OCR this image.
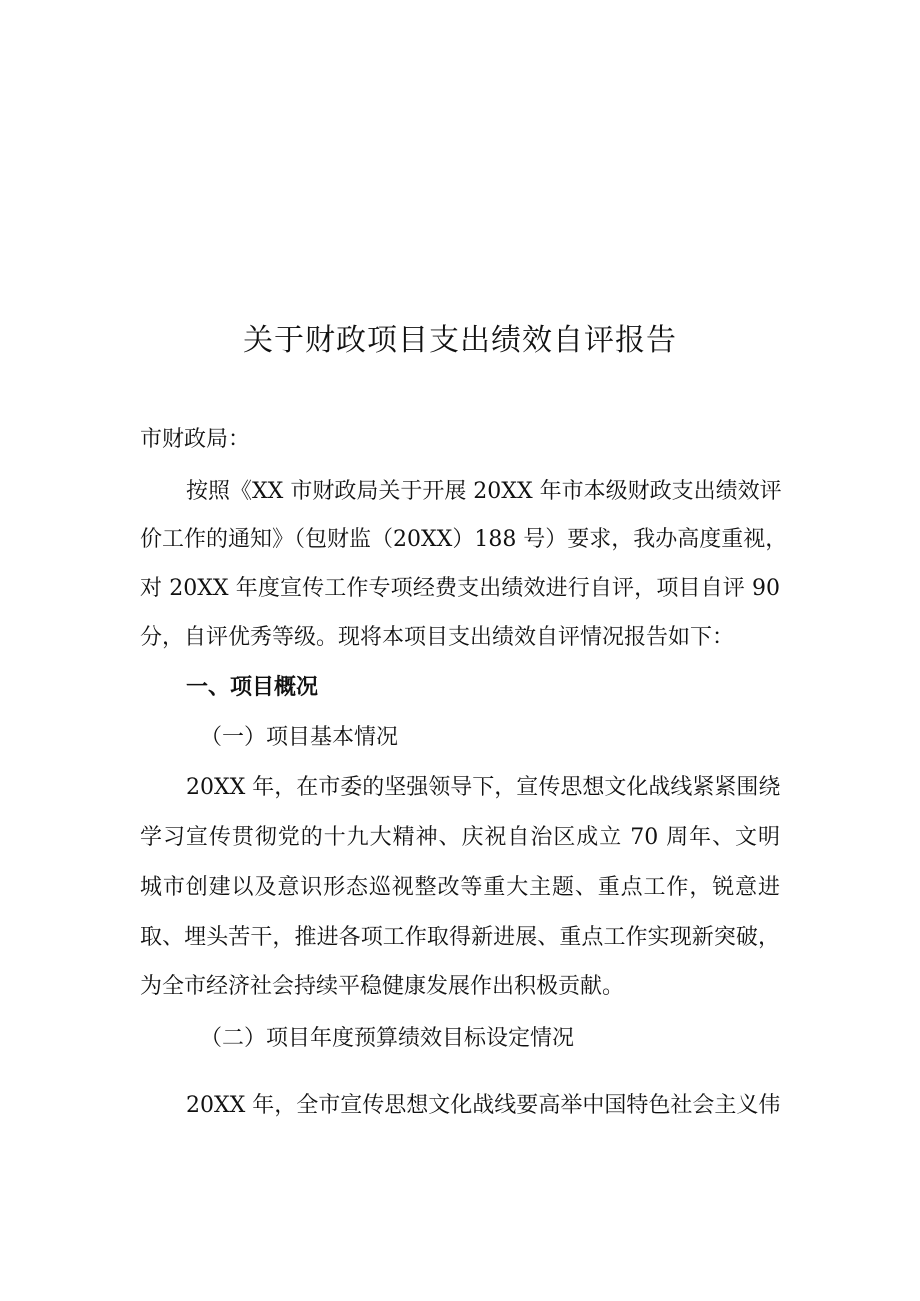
关于财政项目支出绩效自评报告
市财政局：
按照《XX 市财政局关于开展 20XX 年市本级财政支出绩效评
价工作的通知》（包财监（20XX）188 号）要求，我办高度重视，
对 20XX 年度宣传工作专项经费支出绩效进行自评，项目自评 90
分，自评优秀等级。现将本项目支出绩效自评情况报告如下：
一、项目概况
（一）项目基本情况
20XX 年，在市委的坚强领导下，宣传思想文化战线紧紧围绕
学习宣传贯彻党的十九大精神、庆祝自治区成立 70 周年、文明
城市创建以及意识形态巡视整改等重大主题、重点工作，锐意进
取、埋头苦干，推进各项工作取得新进展、重点工作实现新突破，
为全市经济社会持续平稳健康发展作出积极贡献。
（二）项目年度预算绩效目标设定情况
20XX 年，全市宣传思想文化战线要高举中国特色社会主义伟
